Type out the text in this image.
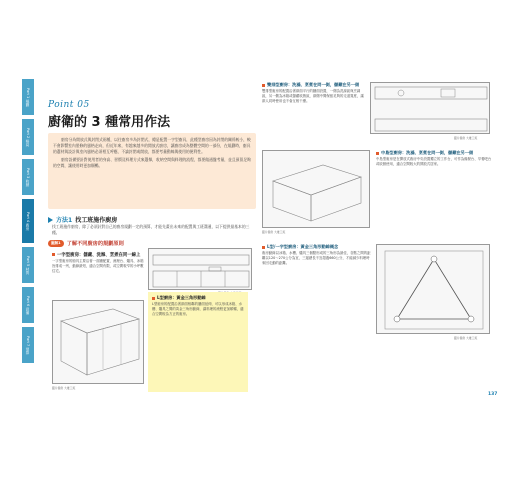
Part 1 規劃
Part 2 格局
Part 3 收納
Part 4 廚房
Part 5 材質
Part 6 設備
Part 7 預算
Point 05
廚衛的 3 種常用作法

廚房分為開放式與封閉式兩種，以往廚房多為封閉式，總是配置一字型廚具，此種型廚房因為封閉的關係較小，較不會影響室內裝修的風格走向，但近年來，有越來越多的開放式廚房，讓廚房成為整體空間的一部份，在規劃時，廚具的選材與設計與室內風格必須相互呼應，不論封閉或開放，都要考量動線與使用的便利性。

廚房設備要針對使用者的身高、習慣及料理方式來選擇，收納空間與料理的流程，都要做通盤考量，並且預留足夠的空間，讓使用時更加順暢。

方法1 找工班施作廚房
找工班施作廚房，除了必須針對自己的廚房規劃一定的預算，才能先畫出未來的配置與工班溝通，以下提供最基本的三種。
圖解1	了解不同廚房的規劃原則
一字型廚房：儲藏、洗滌、烹煮在同一線上
一字型廚房的廚具主要沿著一面牆配置，流理台、爐具、冰箱皆排成一列，動線最短，適合空間有限、或空間較窄的小坪數住宅。
圖片提供 大雄工班
L型廚房：黃金三角形動線
L型廚房的配置沿著兩面相鄰的牆面延伸，可以形成冰箱、水槽、爐具之間的黃金三角形動線，讓料理的流程更加順暢，適合空間較為方正的廚房。
雙排型廚房：洗滌、烹煮在同一側，儲藏在另一側
雙排型廚房的配置沿著兩面平行的牆面設置，一側為洗滌區與烹調區，另一側為冰箱或儲藏收納區，兩側中間保留足夠的走道寬度，讓兩人同時使用也不會互相干擾。
圖片提供 大雄工班
圖片提供 大雄工班
中島型廚房：洗滌、烹煮在同一側，儲藏在另一側
中島型廚房是在開放式廚房中央設置獨立的工作台，可作為備餐台、早餐吧台或收納使用，適合空間較大的開放式居家。
L型/一字型廚房：黃金三角形動線概念
廚房動線以冰箱、水槽、爐具三個點形成的三角形為最佳，各點之間的距離以120〜270公分為宜，三邊總長不宜超過660公分，才能減少料理時來回走動的距離。
圖片提供 大雄工班
137
